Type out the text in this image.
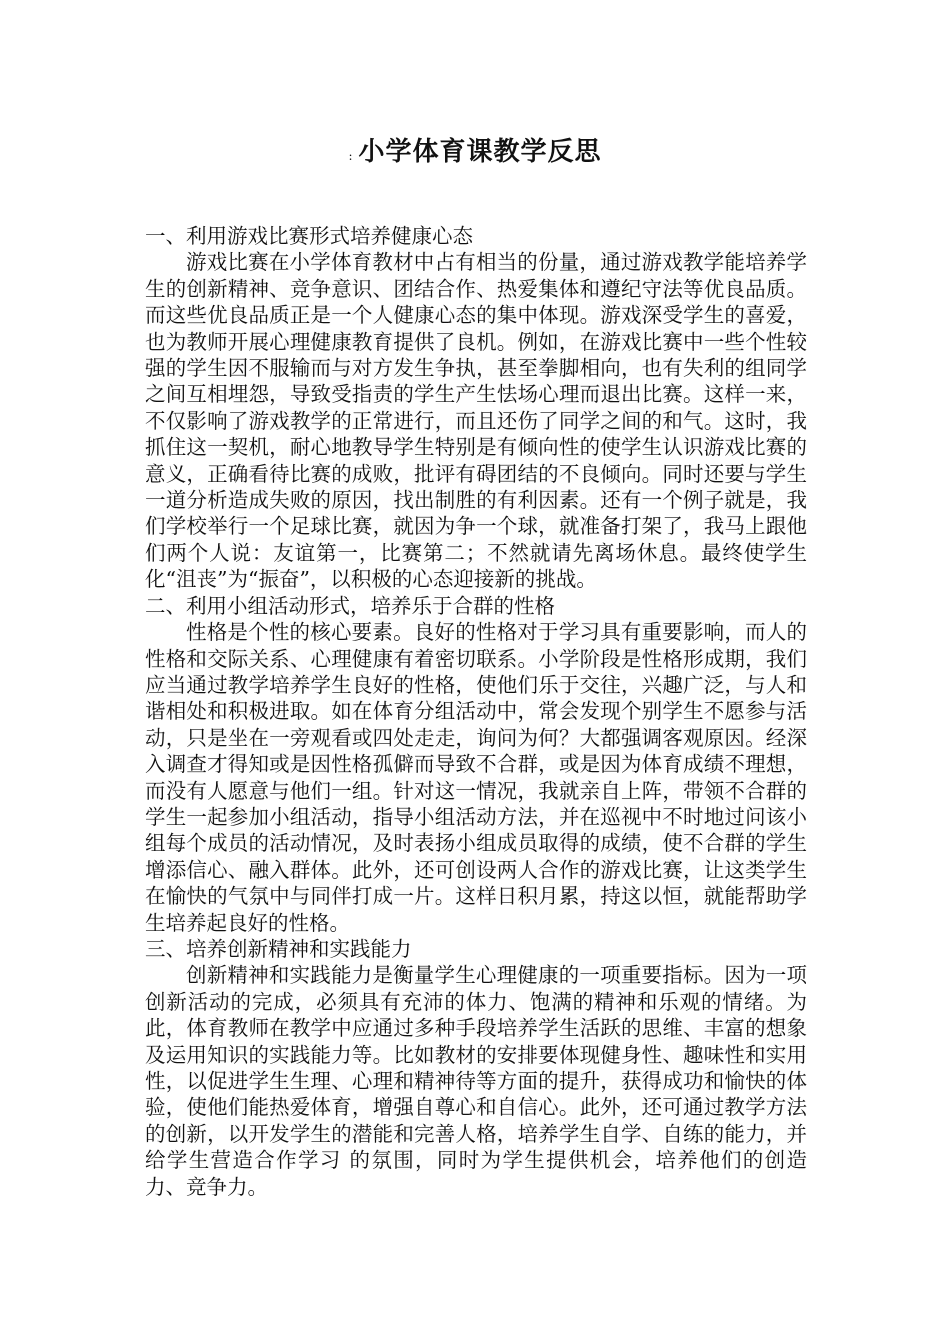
: 小学体育课教学反思

一、利用游戏比赛形式培养健康心态

游戏比赛在小学体育教材中占有相当的份量，通过游戏教学能培养学生的创新精神、竞争意识、团结合作、热爱集体和遵纪守法等优良品质。而这些优良品质正是一个人健康心态的集中体现。游戏深受学生的喜爱，也为教师开展心理健康教育提供了良机。例如，在游戏比赛中一些个性较强的学生因不服输而与对方发生争执，甚至拳脚相向，也有失利的组同学之间互相埋怨，导致受指责的学生产生怯场心理而退出比赛。这样一来，不仅影响了游戏教学的正常进行，而且还伤了同学之间的和气。这时，我抓住这一契机，耐心地教导学生特别是有倾向性的使学生认识游戏比赛的意义，正确看待比赛的成败，批评有碍团结的不良倾向。同时还要与学生一道分析造成失败的原因，找出制胜的有利因素。还有一个例子就是，我们学校举行一个足球比赛，就因为争一个球，就准备打架了，我马上跟他们两个人说：友谊第一，比赛第二；不然就请先离场休息。最终使学生化“沮丧”为“振奋”，以积极的心态迎接新的挑战。

二、利用小组活动形式，培养乐于合群的性格

性格是个性的核心要素。良好的性格对于学习具有重要影响，而人的性格和交际关系、心理健康有着密切联系。小学阶段是性格形成期，我们应当通过教学培养学生良好的性格，使他们乐于交往，兴趣广泛，与人和谐相处和积极进取。如在体育分组活动中，常会发现个别学生不愿参与活动，只是坐在一旁观看或四处走走，询问为何？大都强调客观原因。经深入调查才得知或是因性格孤僻而导致不合群，或是因为体育成绩不理想，而没有人愿意与他们一组。针对这一情况，我就亲自上阵，带领不合群的学生一起参加小组活动，指导小组活动方法，并在巡视中不时地过问该小组每个成员的活动情况，及时表扬小组成员取得的成绩，使不合群的学生增添信心、融入群体。此外，还可创设两人合作的游戏比赛，让这类学生在愉快的气氛中与同伴打成一片。这样日积月累，持这以恒，就能帮助学生培养起良好的性格。

三、培养创新精神和实践能力

创新精神和实践能力是衡量学生心理健康的一项重要指标。因为一项创新活动的完成，必须具有充沛的体力、饱满的精神和乐观的情绪。为此，体育教师在教学中应通过多种手段培养学生活跃的思维、丰富的想象及运用知识的实践能力等。比如教材的安排要体现健身性、趣味性和实用性，以促进学生生理、心理和精神待等方面的提升，获得成功和愉快的体验，使他们能热爱体育，增强自尊心和自信心。此外，还可通过教学方法的创新，以开发学生的潜能和完善人格，培养学生自学、自练的能力，并给学生营造合作学习 的氛围，同时为学生提供机会，培养他们的创造力、竞争力。
